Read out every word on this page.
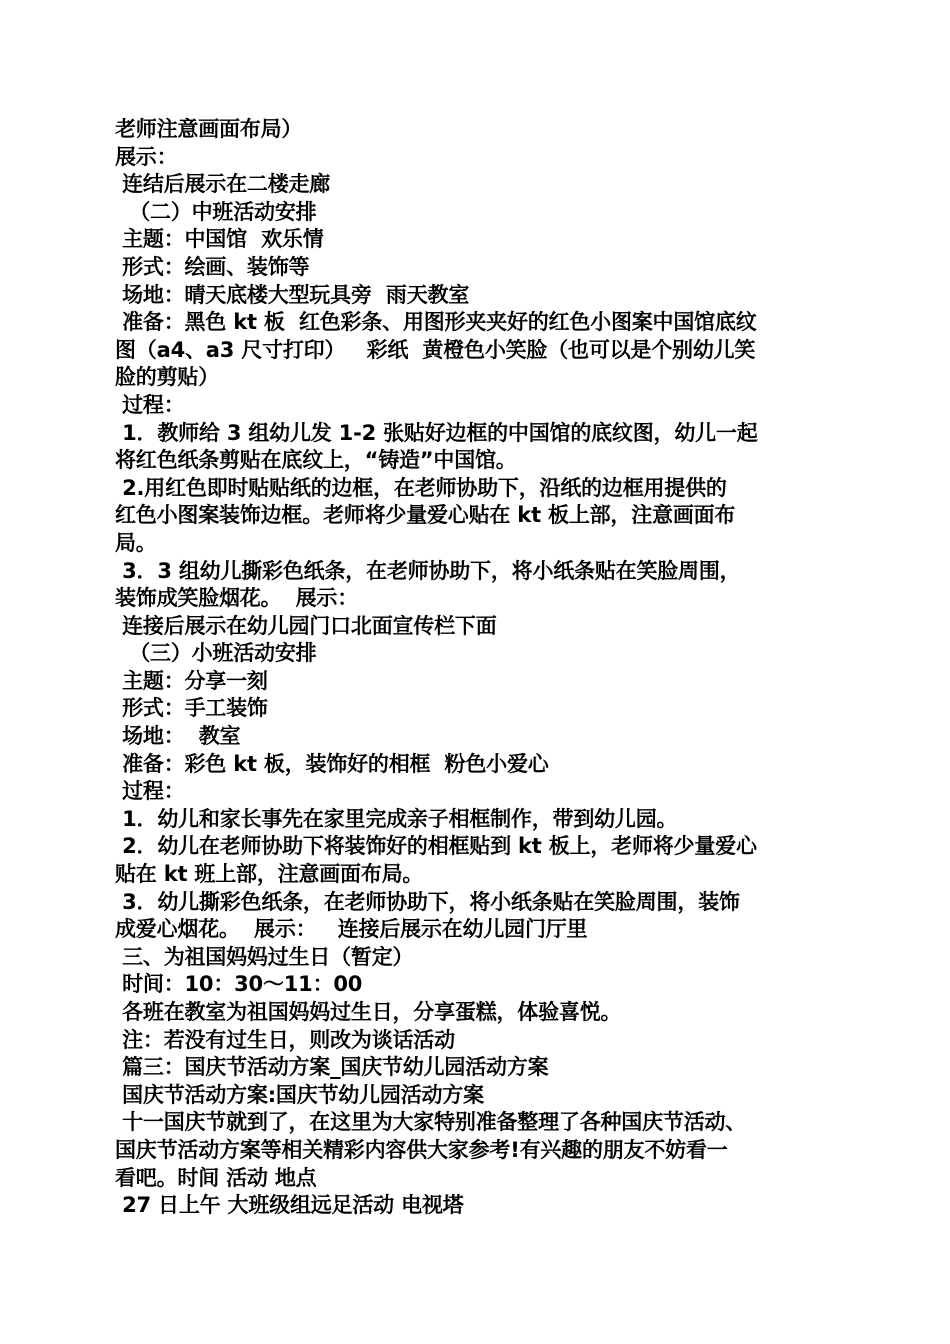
老师注意画面布局）
展示：
连结后展示在二楼走廊
（二）中班活动安排
主题：中国馆  欢乐情
形式：绘画、装饰等
场地：晴天底楼大型玩具旁  雨天教室
准备：黑色 kt 板  红色彩条、用图形夹夹好的红色小图案中国馆底纹
图（a4、a3 尺寸打印）   彩纸  黄橙色小笑脸（也可以是个别幼儿笑
脸的剪贴）
过程：
1．教师给 3 组幼儿发 1-2 张贴好边框的中国馆的底纹图，幼儿一起
将红色纸条剪贴在底纹上，“铸造”中国馆。
2.用红色即时贴贴纸的边框，在老师协助下，沿纸的边框用提供的
红色小图案装饰边框。老师将少量爱心贴在 kt 板上部，注意画面布
局。
3．3 组幼儿撕彩色纸条，在老师协助下，将小纸条贴在笑脸周围，
装饰成笑脸烟花。  展示：
连接后展示在幼儿园门口北面宣传栏下面
（三）小班活动安排
主题：分享一刻
形式：手工装饰
场地：  教室
准备：彩色 kt 板，装饰好的相框  粉色小爱心
过程：
1．幼儿和家长事先在家里完成亲子相框制作，带到幼儿园。
2．幼儿在老师协助下将装饰好的相框贴到 kt 板上，老师将少量爱心
贴在 kt 班上部，注意画面布局。
3．幼儿撕彩色纸条，在老师协助下，将小纸条贴在笑脸周围，装饰
成爱心烟花。  展示：   连接后展示在幼儿园门厅里
三、为祖国妈妈过生日（暂定）
时间：10：30～11：00
各班在教室为祖国妈妈过生日，分享蛋糕，体验喜悦。
注：若没有过生日，则改为谈话活动
篇三：国庆节活动方案_国庆节幼儿园活动方案
国庆节活动方案:国庆节幼儿园活动方案
十一国庆节就到了，在这里为大家特别准备整理了各种国庆节活动、
国庆节活动方案等相关精彩内容供大家参考!有兴趣的朋友不妨看一
看吧。时间 活动 地点
27 日上午 大班级组远足活动 电视塔
